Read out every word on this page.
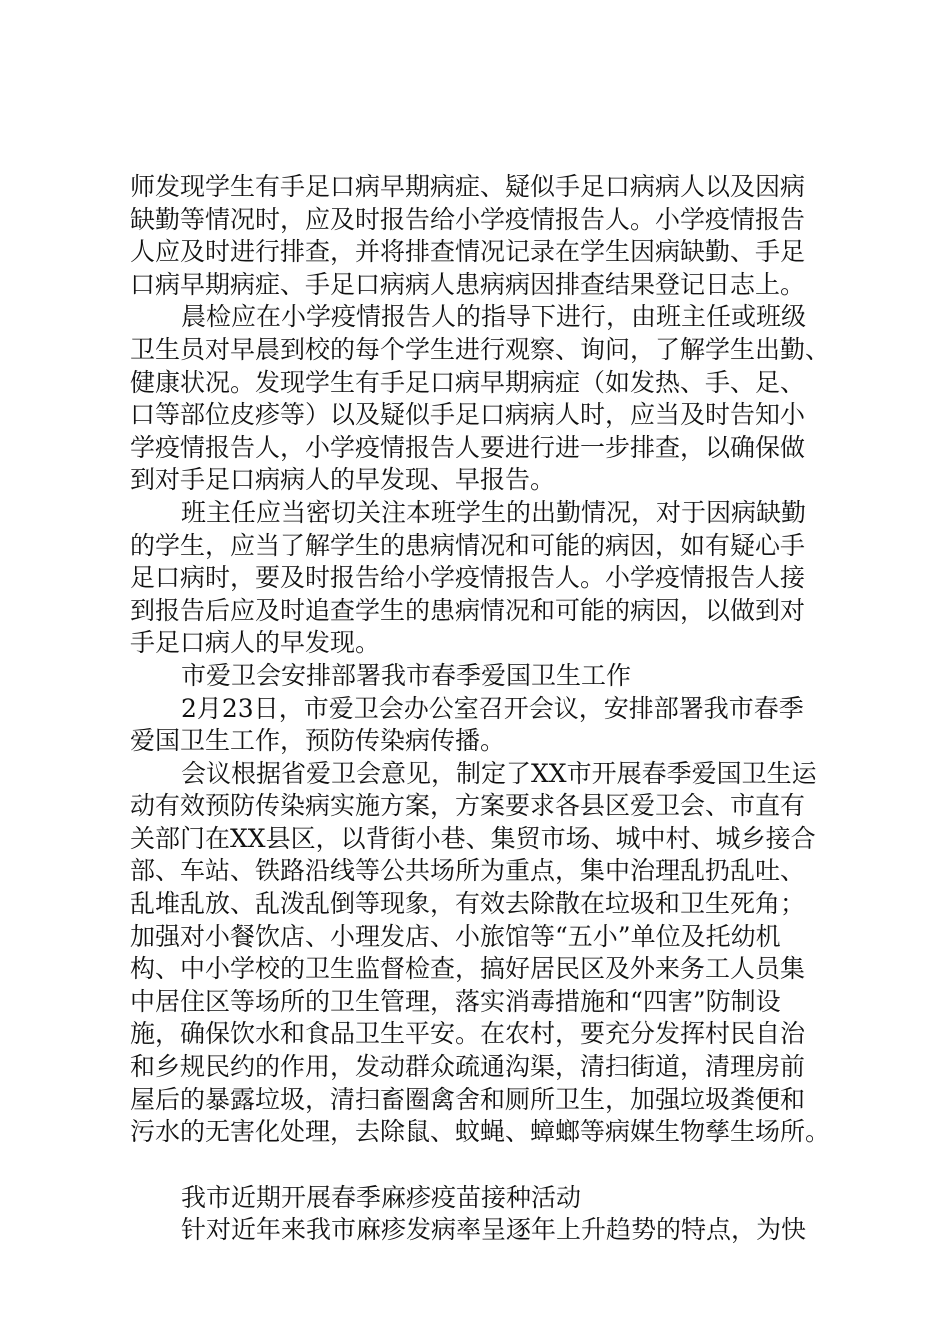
师发现学生有手足口病早期病症、疑似手足口病病人以及因病
缺勤等情况时，应及时报告给小学疫情报告人。小学疫情报告
人应及时进行排查，并将排查情况记录在学生因病缺勤、手足
口病早期病症、手足口病病人患病病因排查结果登记日志上。
晨检应在小学疫情报告人的指导下进行，由班主任或班级
卫生员对早晨到校的每个学生进行观察、询问，了解学生出勤、
健康状况。发现学生有手足口病早期病症（如发热、手、足、
口等部位皮疹等）以及疑似手足口病病人时，应当及时告知小
学疫情报告人，小学疫情报告人要进行进一步排查，以确保做
到对手足口病病人的早发现、早报告。
班主任应当密切关注本班学生的出勤情况，对于因病缺勤
的学生，应当了解学生的患病情况和可能的病因，如有疑心手
足口病时，要及时报告给小学疫情报告人。小学疫情报告人接
到报告后应及时追查学生的患病情况和可能的病因，以做到对
手足口病人的早发现。
市爱卫会安排部署我市春季爱国卫生工作
2月23日，市爱卫会办公室召开会议，安排部署我市春季
爱国卫生工作，预防传染病传播。
会议根据省爱卫会意见，制定了XX市开展春季爱国卫生运
动有效预防传染病实施方案，方案要求各县区爱卫会、市直有
关部门在XX县区，以背街小巷、集贸市场、城中村、城乡接合
部、车站、铁路沿线等公共场所为重点，集中治理乱扔乱吐、
乱堆乱放、乱泼乱倒等现象，有效去除散在垃圾和卫生死角；
加强对小餐饮店、小理发店、小旅馆等“五小”单位及托幼机
构、中小学校的卫生监督检查，搞好居民区及外来务工人员集
中居住区等场所的卫生管理，落实消毒措施和“四害”防制设
施，确保饮水和食品卫生平安。在农村，要充分发挥村民自治
和乡规民约的作用，发动群众疏通沟渠，清扫街道，清理房前
屋后的暴露垃圾，清扫畜圈禽舍和厕所卫生，加强垃圾粪便和
污水的无害化处理，去除鼠、蚊蝇、蟑螂等病媒生物孳生场所。
我市近期开展春季麻疹疫苗接种活动
针对近年来我市麻疹发病率呈逐年上升趋势的特点，为快
